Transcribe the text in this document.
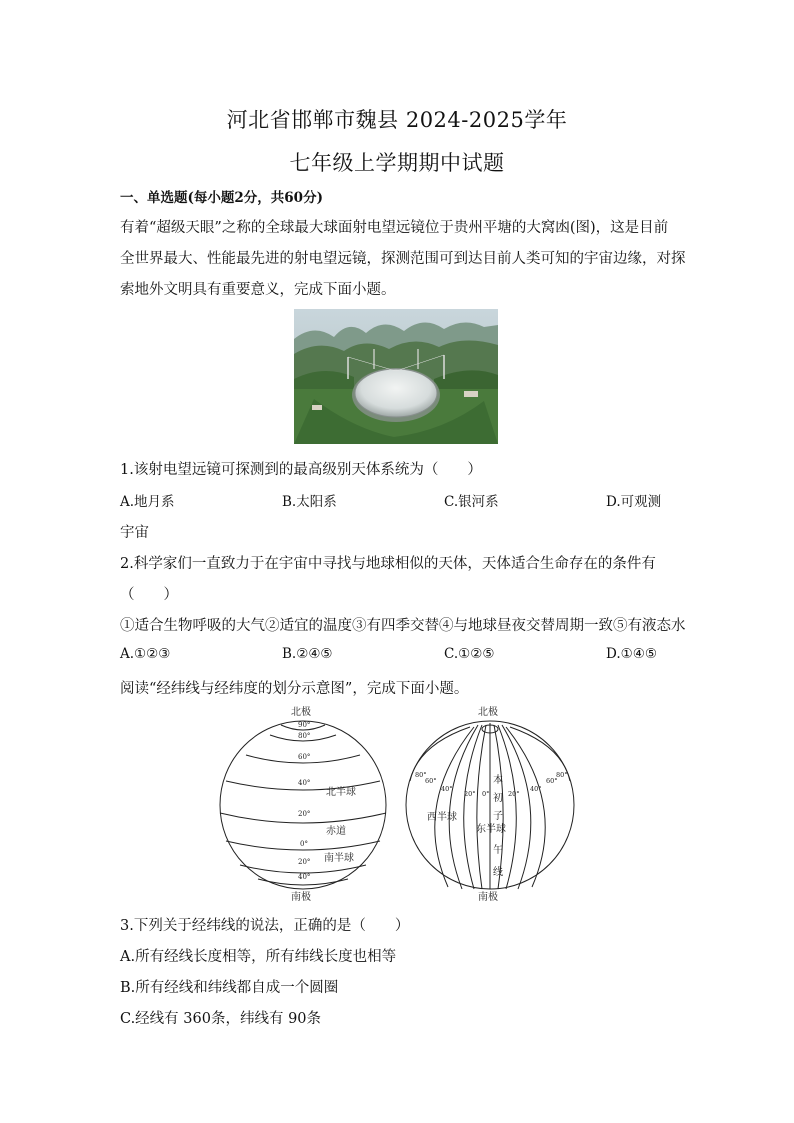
河北省邯郸市魏县 2024-2025学年
七年级上学期期中试题
一、单选题(每小题2分，共60分)
有着“超级天眼”之称的全球最大球面射电望远镜位于贵州平塘的大窝凼(图)，这是目前
全世界最大、性能最先进的射电望远镜，探测范围可到达目前人类可知的宇宙边缘，对探
索地外文明具有重要意义，完成下面小题。
1.该射电望远镜可探测到的最高级别天体系统为（　　）
A.地月系	B.太阳系	C.银河系	D.可观测
宇宙
2.科学家们一直致力于在宇宙中寻找与地球相似的天体，天体适合生命存在的条件有
（　　）
①适合生物呼吸的大气②适宜的温度③有四季交替④与地球昼夜交替周期一致⑤有液态水
A.①②③	B.②④⑤	C.①②⑤	D.①④⑤
阅读“经纬线与经纬度的划分示意图”，完成下面小题。
90°
80°
60°
40°
20°
0°
20°
40°
北极
南极
北半球
赤道
南半球
80°
60°
40°
20° 0°	20°
40°
60°
80°
北极
南极
西半球
东半球
本
初
子
午
线
3.下列关于经纬线的说法，正确的是（　　）
A.所有经线长度相等，所有纬线长度也相等
B.所有经线和纬线都自成一个圆圈
C.经线有 360条，纬线有 90条
